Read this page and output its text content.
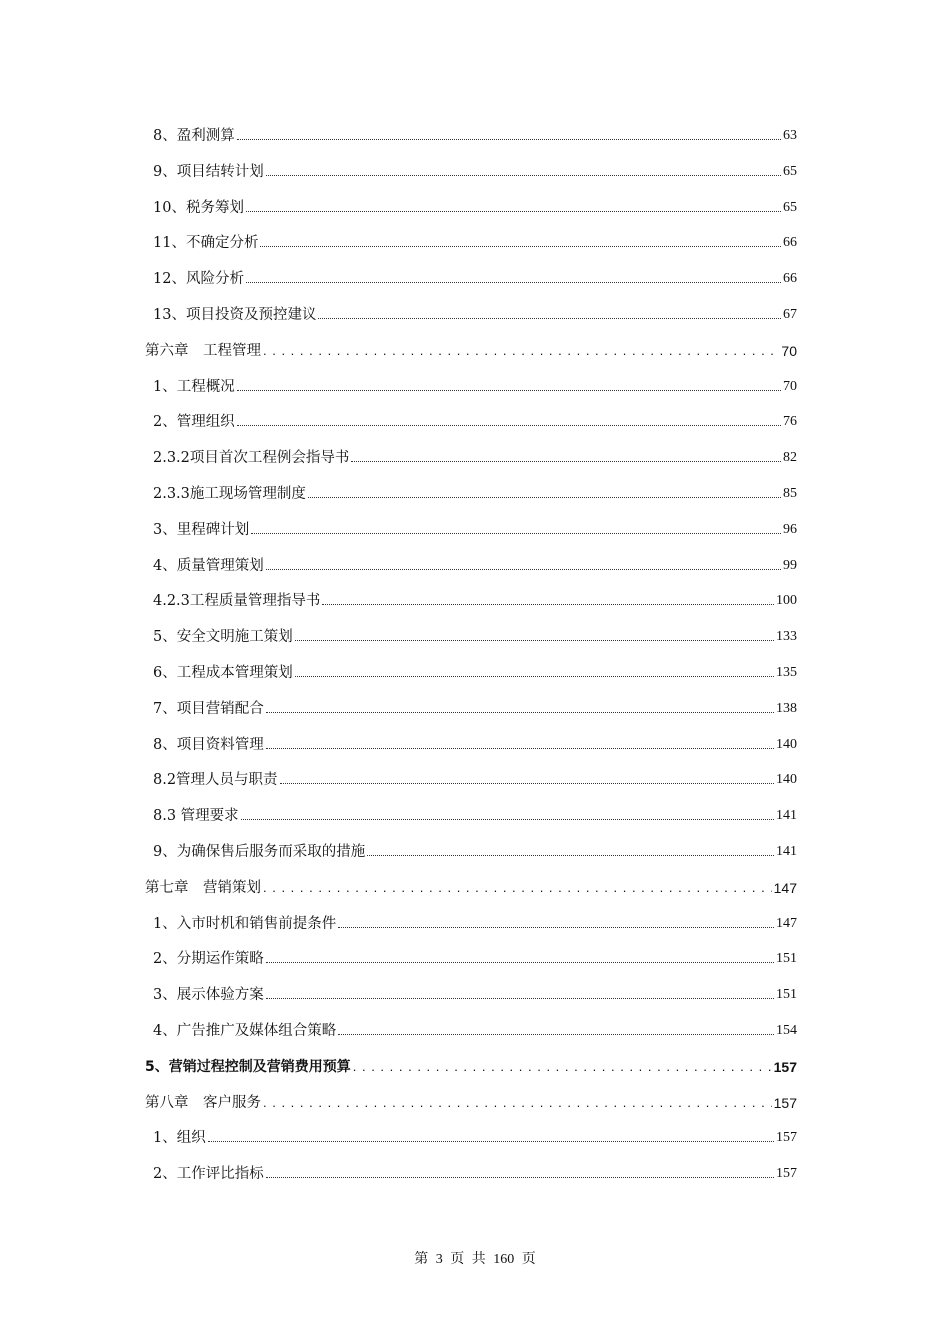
8、盈利测算	63
9、项目结转计划	65
10、税务筹划	65
11、不确定分析	66
12、风险分析	66
13、项目投资及预控建议	67
第六章　工程管理 . . .	70
1、工程概况	70
2、管理组织	76
2.3.2项目首次工程例会指导书	82
2.3.3施工现场管理制度	85
3、里程碑计划	96
4、质量管理策划	99
4.2.3工程质量管理指导书	100
5、安全文明施工策划	133
6、工程成本管理策划	135
7、项目营销配合	138
8、项目资料管理	140
8.2管理人员与职责	140
8.3 管理要求	141
9、为确保售后服务而采取的措施	141
第七章　营销策划 . . .	147
1、入市时机和销售前提条件	147
2、分期运作策略	151
3、展示体验方案	151
4、广告推广及媒体组合策略	154
5、营销过程控制及营销费用预算 . . .	157
第八章　客户服务 . . .	157
1、组织	157
2、工作评比指标	157
第 3 页 共 160 页
